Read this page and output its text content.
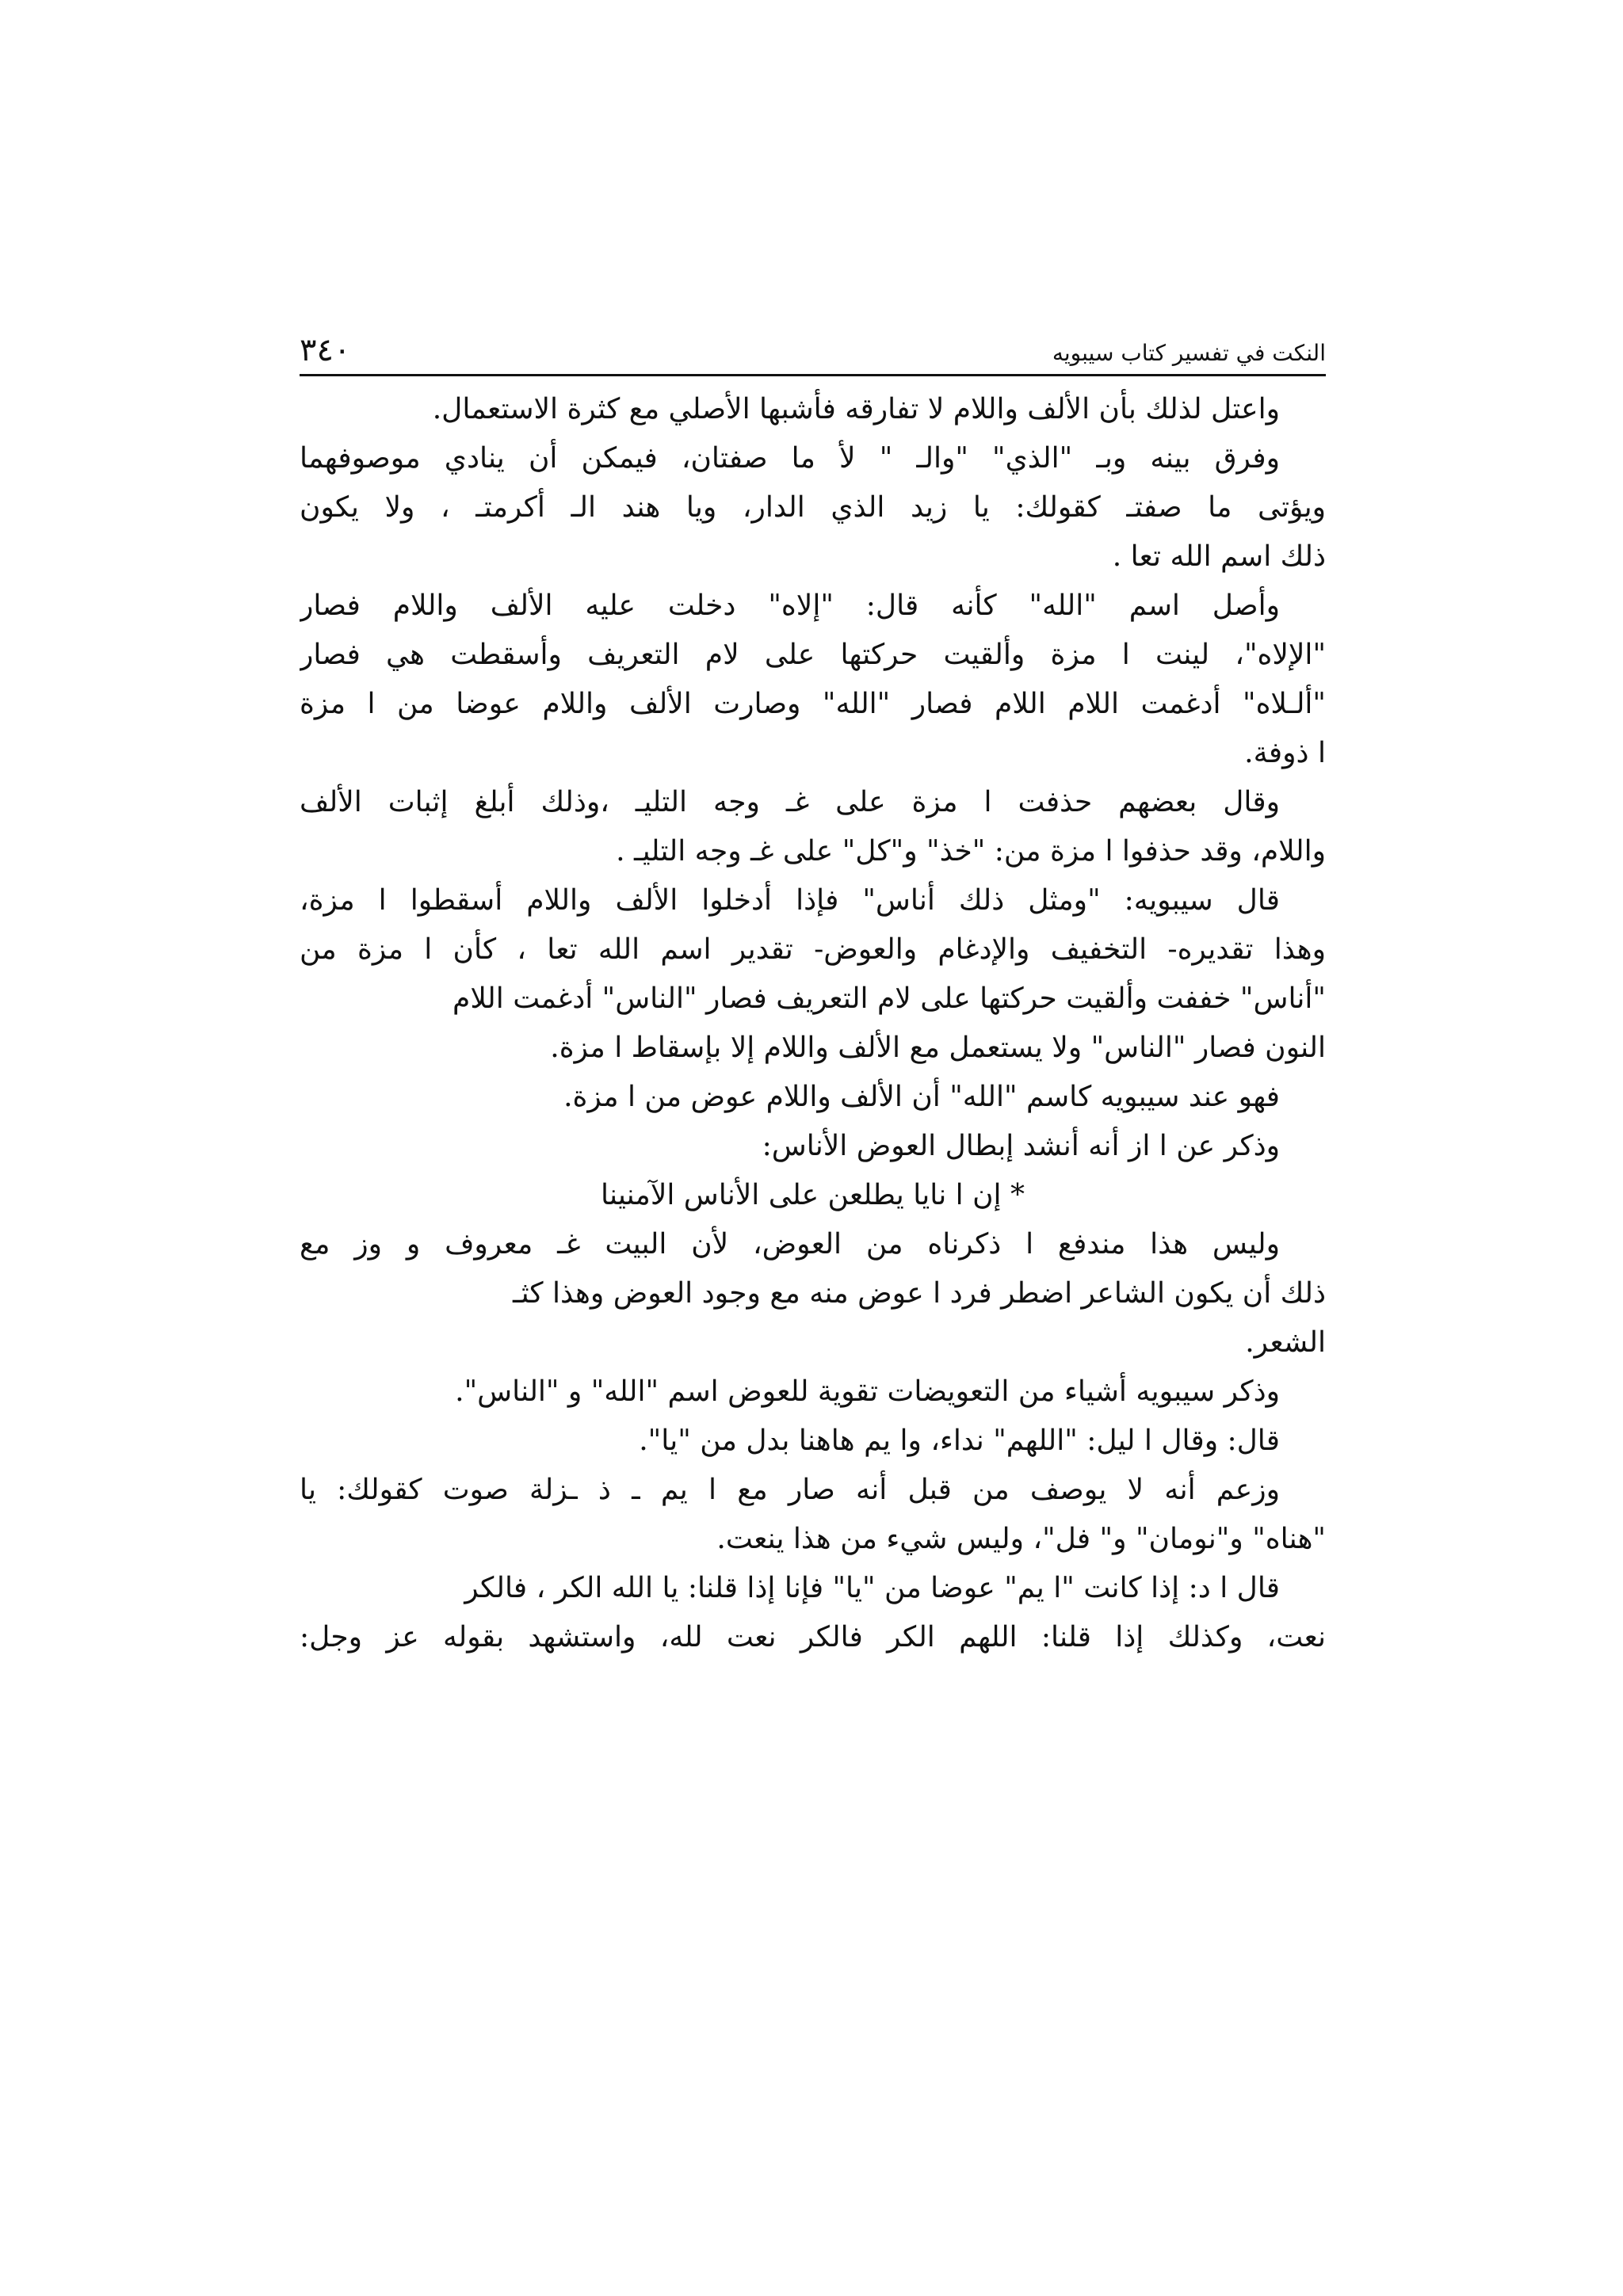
٣٤٠	النكت في تفسير كتاب سيبويه
واعتل لذلك بأن الألف واللام لا تفارقه فأشبها الأصلي مع كثرة الاستعمال.
وفرق بينه وبـ "الذي" "والـ " لأ ما صفتان، فيمكن أن ينادي موصوفهما
ويؤتى ما صفتـ كقولك: يا زيد الذي الدار، ويا هند الـ أكرمتـ ، ولا يكون
ذلك اسم الله تعا .
وأصل اسم "الله" كأنه قال: "إلاه" دخلت عليه الألف واللام فصار
"الإلاه"، لينت ا مزة وألقيت حركتها على لام التعريف وأسقطت هي فصار
"ألـلاه" أدغمت اللام اللام فصار "الله" وصارت الألف واللام عوضا من ا مزة
ا ذوفة.
وقال بعضهم حذفت ا مزة على غـ وجه التليـ ،وذلك أبلغ إثبات الألف
واللام، وقد حذفوا ا مزة من: "خذ" و"كل" على غـ وجه التليـ .
قال سيبويه: "ومثل ذلك أناس" فإذا أدخلوا الألف واللام أسقطوا ا مزة،
وهذا تقديره- التخفيف والإدغام والعوض- تقدير اسم الله تعا ، كأن ا مزة من
"أناس" خففت وألقيت حركتها على لام التعريف فصار "الناس" أدغمت اللام
النون فصار "الناس" ولا يستعمل مع الألف واللام إلا بإسقاط ا مزة.
فهو عند سيبويه كاسم "الله" أن الألف واللام عوض من ا مزة.
وذكر عن ا از أنه أنشد إبطال العوض الأناس:
* إن ا نايا يطلعن على الأناس الآمنينا
وليس هذا مندفع ا ذكرناه من العوض، لأن البيت غـ معروف و وز مع
ذلك أن يكون الشاعر اضطر فرد ا عوض منه مع وجود العوض وهذا كثـ
الشعر.
وذكر سيبويه أشياء من التعويضات تقوية للعوض اسم "الله" و "الناس".
قال: وقال ا ليل: "اللهم" نداء، وا يم هاهنا بدل من "يا".
وزعم أنه لا يوصف من قبل أنه صار مع ا يم ـ ذ ـزلة صوت كقولك: يا
"هناه" و"نومان" و" فل"، وليس شيء من هذا ينعت.
قال ا د: إذا كانت "ا يم" عوضا من "يا" فإنا إذا قلنا: يا الله الكر ، فالكر
نعت، وكذلك إذا قلنا: اللهم الكر فالكر نعت لله، واستشهد بقوله عز وجل:
